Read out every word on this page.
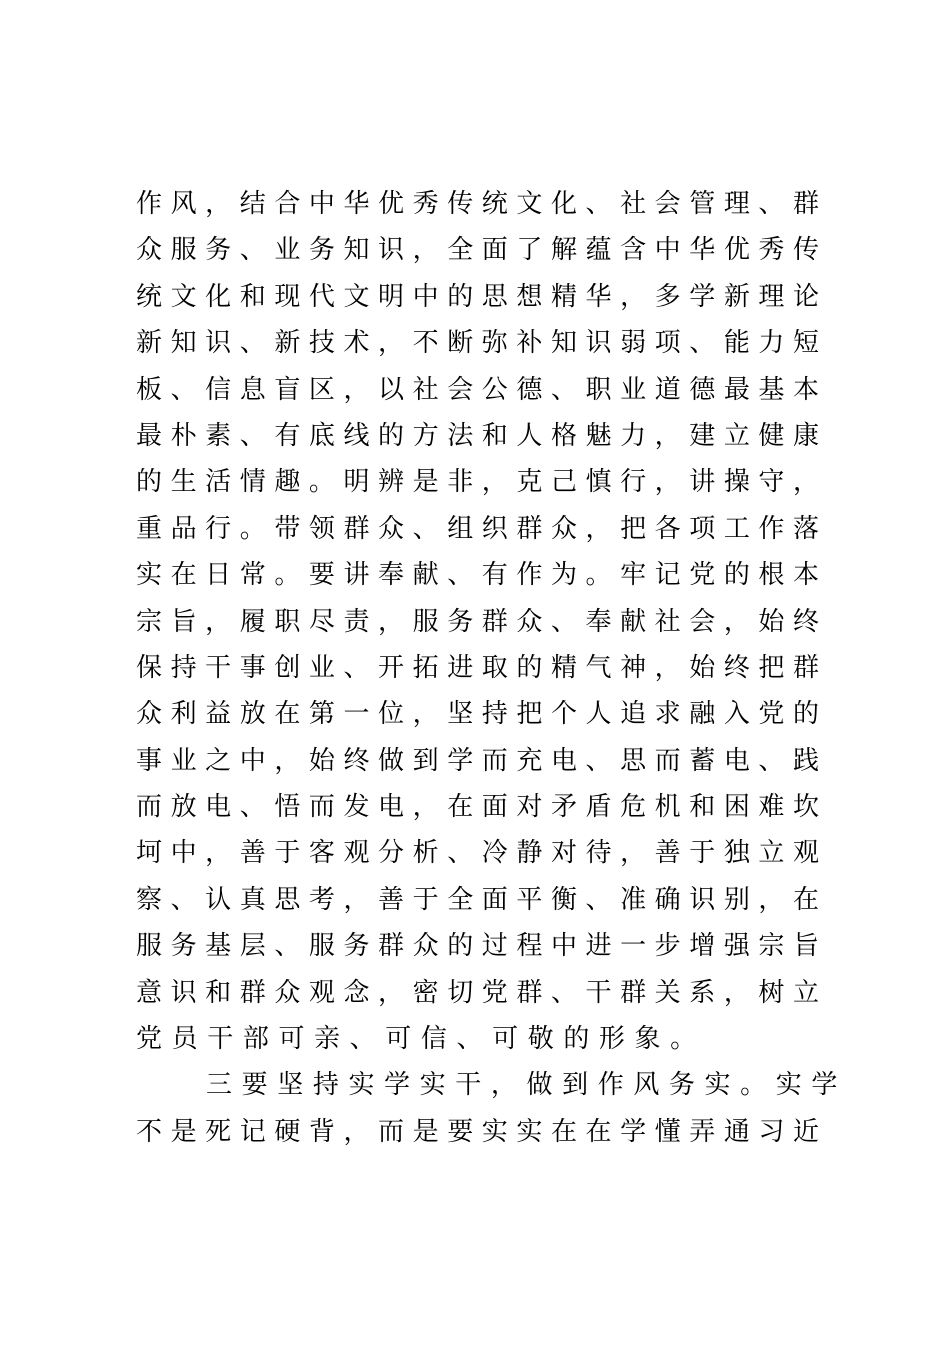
作 风 ， 结 合 中 华 优 秀 传 统 文 化 、 社 会 管 理 、 群
众 服 务 、 业 务 知 识 ， 全 面 了 解 蕴 含 中 华 优 秀 传
统 文 化 和 现 代 文 明 中 的 思 想 精 华 ， 多 学 新 理 论
新 知 识 、 新 技 术 ， 不 断 弥 补 知 识 弱 项 、 能 力 短
板 、 信 息 盲 区 ， 以 社 会 公 德 、 职 业 道 德 最 基 本
最 朴 素 、 有 底 线 的 方 法 和 人 格 魅 力 ， 建 立 健 康
的 生 活 情 趣 。 明 辨 是 非 ， 克 己 慎 行 ， 讲 操 守 ，
重 品 行 。 带 领 群 众 、 组 织 群 众 ， 把 各 项 工 作 落
实 在 日 常 。 要 讲 奉 献 、 有 作 为 。 牢 记 党 的 根 本
宗 旨 ， 履 职 尽 责 ， 服 务 群 众 、 奉 献 社 会 ， 始 终
保 持 干 事 创 业 、 开 拓 进 取 的 精 气 神 ， 始 终 把 群
众 利 益 放 在 第 一 位 ， 坚 持 把 个 人 追 求 融 入 党 的
事 业 之 中 ， 始 终 做 到 学 而 充 电 、 思 而 蓄 电 、 践
而 放 电 、 悟 而 发 电 ， 在 面 对 矛 盾 危 机 和 困 难 坎
坷 中 ， 善 于 客 观 分 析 、 冷 静 对 待 ， 善 于 独 立 观
察 、 认 真 思 考 ， 善 于 全 面 平 衡 、 准 确 识 别 ， 在
服 务 基 层 、 服 务 群 众 的 过 程 中 进 一 步 增 强 宗 旨
意 识 和 群 众 观 念 ， 密 切 党 群 、 干 群 关 系 ， 树 立
党 员 干 部 可 亲 、 可 信 、 可 敬 的 形 象 。
三 要 坚 持 实 学 实 干 ， 做 到 作 风 务 实 。 实 学
不 是 死 记 硬 背 ， 而 是 要 实 实 在 在 学 懂 弄 通 习 近
